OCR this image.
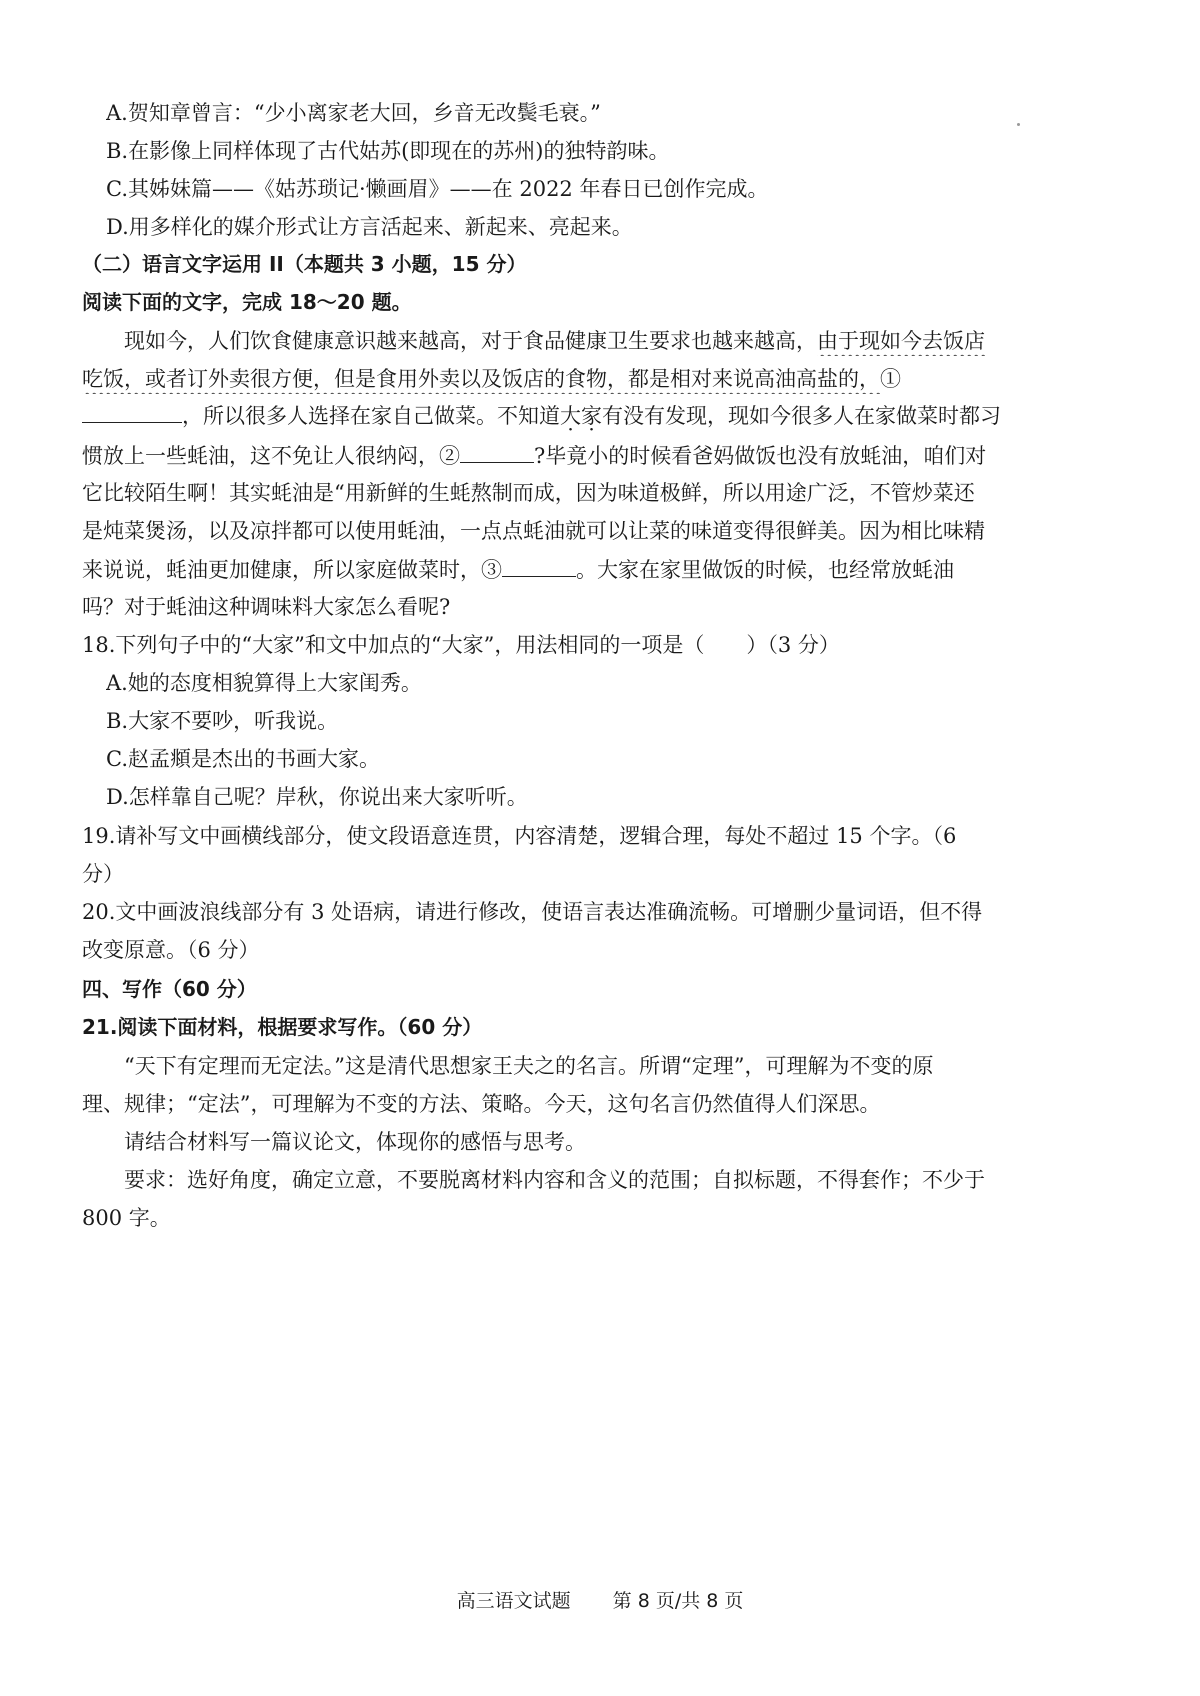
A.贺知章曾言：“少小离家老大回，乡音无改鬓毛衰。”
B.在影像上同样体现了古代姑苏(即现在的苏州)的独特韵味。
C.其姊妹篇——《姑苏琐记·懒画眉》——在 2022 年春日已创作完成。
D.用多样化的媒介形式让方言活起来、新起来、亮起来。
（二）语言文字运用 II（本题共 3 小题，15 分）
阅读下面的文字，完成 18～20 题。
现如今，人们饮食健康意识越来越高，对于食品健康卫生要求也越来越高，由于现如今去饭店
吃饭，或者订外卖很方便，但是食用外卖以及饭店的食物，都是相对来说高油高盐的，①
，所以很多人选择在家自己做菜。不知道大家有没有发现，现如今很多人在家做菜时都习
惯放上一些蚝油，这不免让人很纳闷，②	?毕竟小的时候看爸妈做饭也没有放蚝油，咱们对
它比较陌生啊！其实蚝油是“用新鲜的生蚝熬制而成，因为味道极鲜，所以用途广泛，不管炒菜还
是炖菜煲汤，以及凉拌都可以使用蚝油，一点点蚝油就可以让菜的味道变得很鲜美。因为相比味精
来说说，蚝油更加健康，所以家庭做菜时，③	。大家在家里做饭的时候，也经常放蚝油
吗？对于蚝油这种调味料大家怎么看呢?
18.下列句子中的“大家”和文中加点的“大家”，用法相同的一项是（　　）（3 分）
A.她的态度相貌算得上大家闺秀。
B.大家不要吵，听我说。
C.赵孟頫是杰出的书画大家。
D.怎样靠自己呢？岸秋，你说出来大家听听。
19.请补写文中画横线部分，使文段语意连贯，内容清楚，逻辑合理，每处不超过 15 个字。（6
分）
20.文中画波浪线部分有 3 处语病，请进行修改，使语言表达准确流畅。可增删少量词语，但不得
改变原意。（6 分）
四、写作（60 分）
21.阅读下面材料，根据要求写作。（60 分）
“天下有定理而无定法。”这是清代思想家王夫之的名言。所谓“定理”，可理解为不变的原
理、规律；“定法”，可理解为不变的方法、策略。今天，这句名言仍然值得人们深思。
请结合材料写一篇议论文，体现你的感悟与思考。
要求：选好角度，确定立意，不要脱离材料内容和含义的范围；自拟标题，不得套作；不少于
800 字。
高三语文试题 第 8 页/共 8 页
